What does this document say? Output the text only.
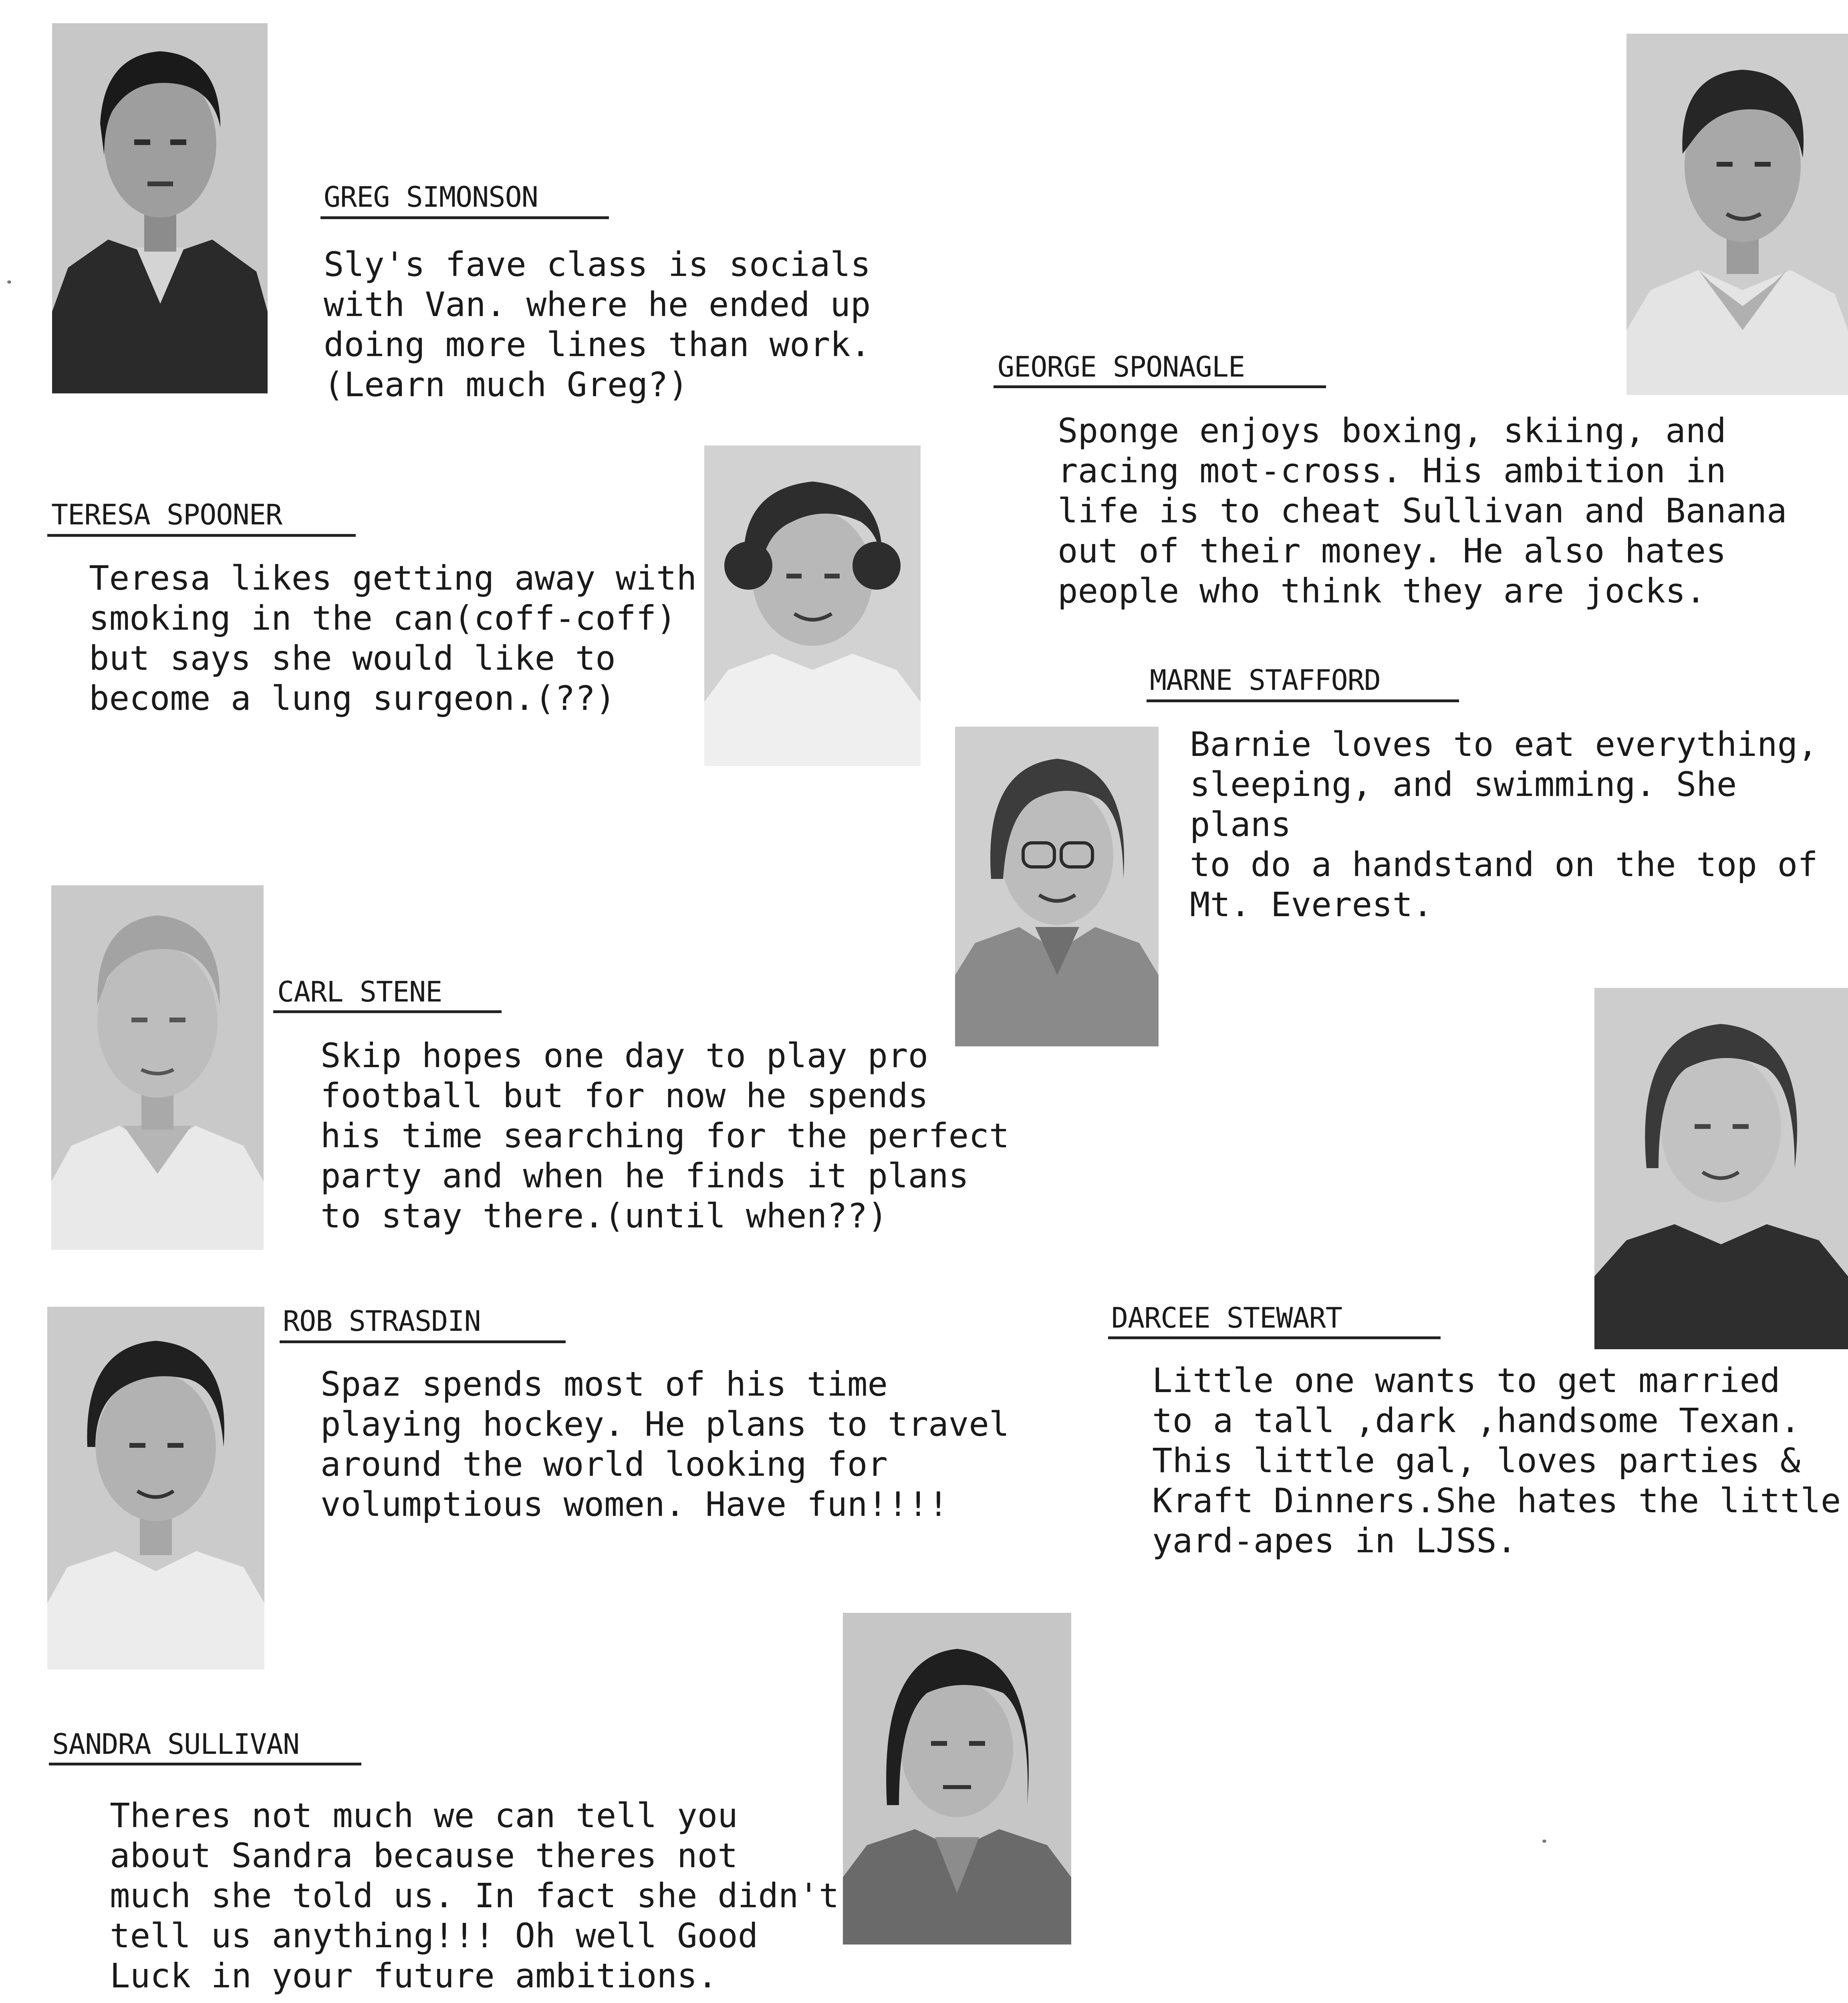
GREG SIMONSON
Sly's fave class is socials
with Van. where he ended up
doing more lines than work.
(Learn much Greg?)	GEORGE SPONAGLE
Sponge enjoys boxing, skiing, and
racing mot-cross. His ambition in
life is to cheat Sullivan and Banana
out of their money. He also hates
people who think they are jocks.
TERESA SPOONER
Teresa likes getting away with
smoking in the can(coff-coff)
but says she would like to
become a lung surgeon.(??)	MARNE STAFFORD
Barnie loves to eat everything,
sleeping, and swimming. She plans
to do a handstand on the top of
Mt. Everest.
CARL STENE
Skip hopes one day to play pro
football but for now he spends
his time searching for the perfect
party and when he finds it plans
to stay there.(until when??)
DARCEE STEWART
Little one wants to get married
to a tall ,dark ,handsome Texan.
This little gal, loves parties &
Kraft Dinners.She hates the little
yard-apes in LJSS.
ROB STRASDIN
Spaz spends most of his time
playing hockey. He plans to travel
around the world looking for
volumptious women. Have fun!!!!
SANDRA SULLIVAN
Theres not much we can tell you
about Sandra because theres not
much she told us. In fact she didn't
tell us anything!!! Oh well Good
Luck in your future ambitions.
